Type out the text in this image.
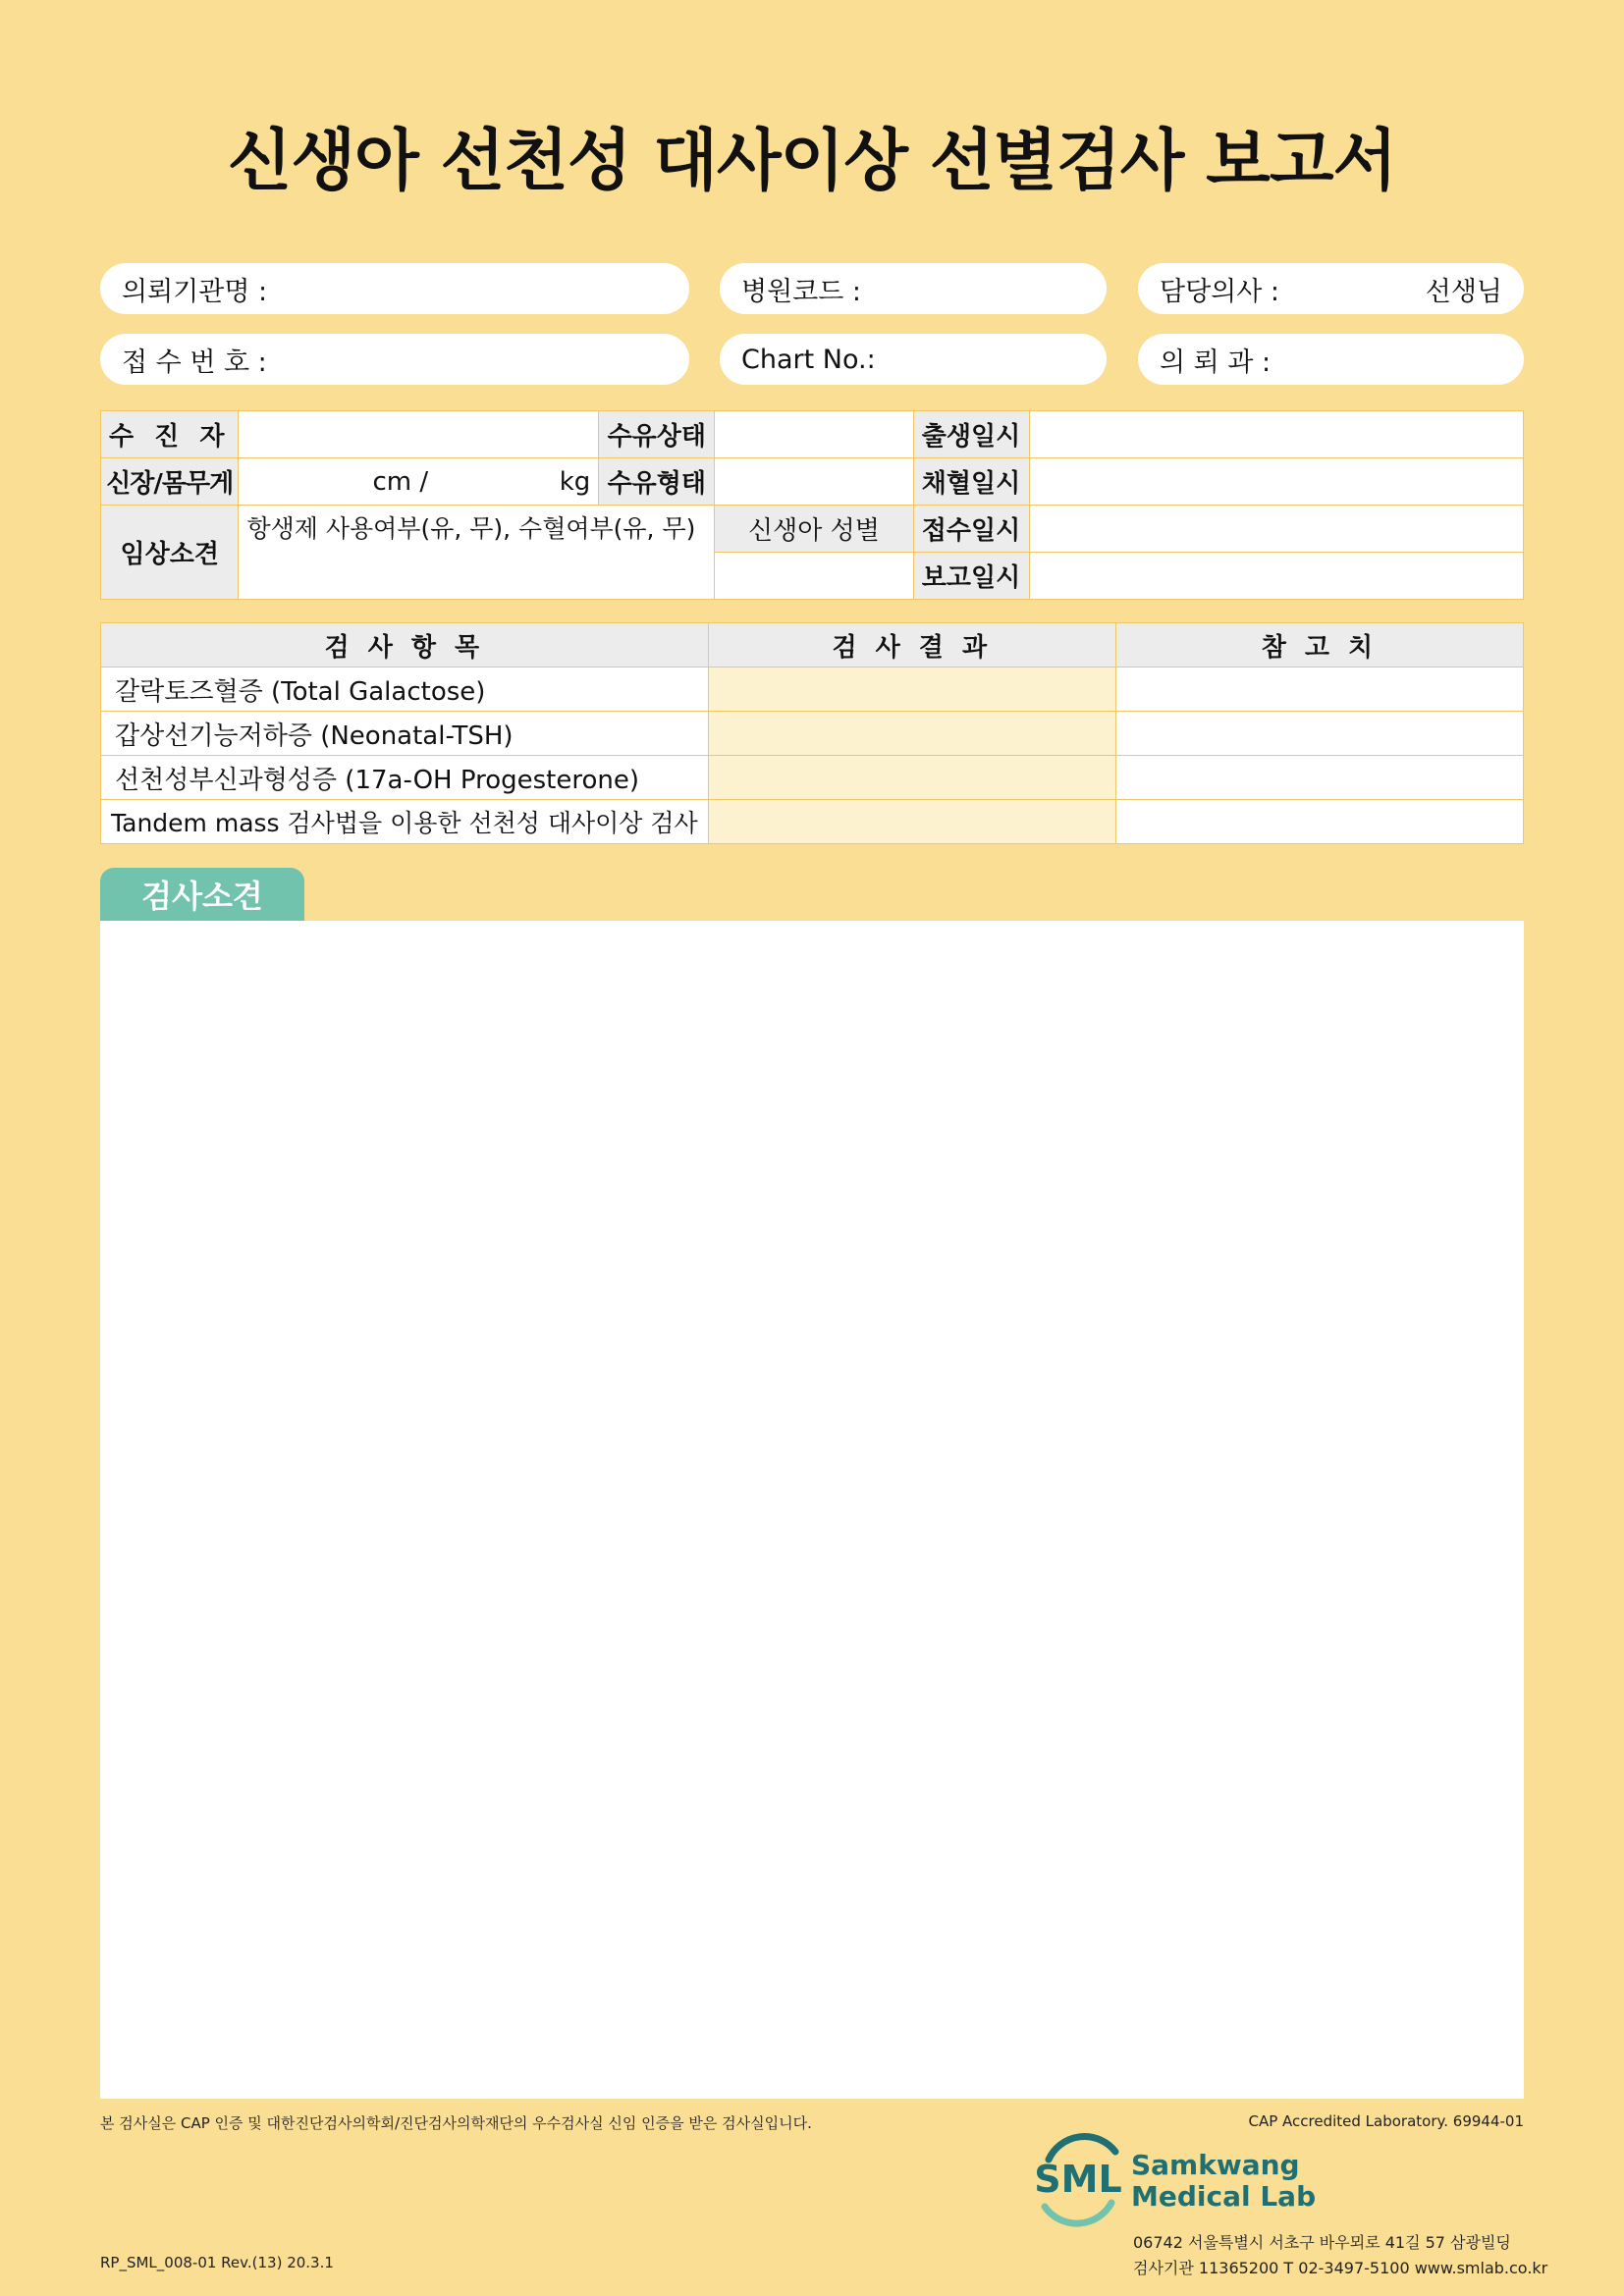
신생아 선천성 대사이상 선별검사 보고서
의뢰기관명 :	병원코드 :	담당의사 :	선생님
접 수 번 호 :	Chart No.:	의 뢰 과 :
수 진 자		수유상태		출생일시	
신장/몸무게	cm / kg	수유형태		채혈일시	
임상소견	항생제 사용여부(유, 무), 수혈여부(유, 무)		신생아 성별	접수일시	
				보고일시	
검 사 항 목	검 사 결 과	참 고 치
갈락토즈혈증 (Total Galactose)		
갑상선기능저하증 (Neonatal-TSH)		
선천성부신과형성증 (17a-OH Progesterone)		
Tandem mass 검사법을 이용한 선천성 대사이상 검사		
검사소견
본 검사실은 CAP 인증 및 대한진단검사의학회/진단검사의학재단의 우수검사실 신임 인증을 받은 검사실입니다.	CAP Accredited Laboratory. 69944-01
RP_SML_008-01 Rev.(13) 20.3.1
SML Samkwang
Medical Lab
06742 서울특별시 서초구 바우뫼로 41길 57 삼광빌딩
검사기관 11365200 T 02-3497-5100 www.smlab.co.kr
